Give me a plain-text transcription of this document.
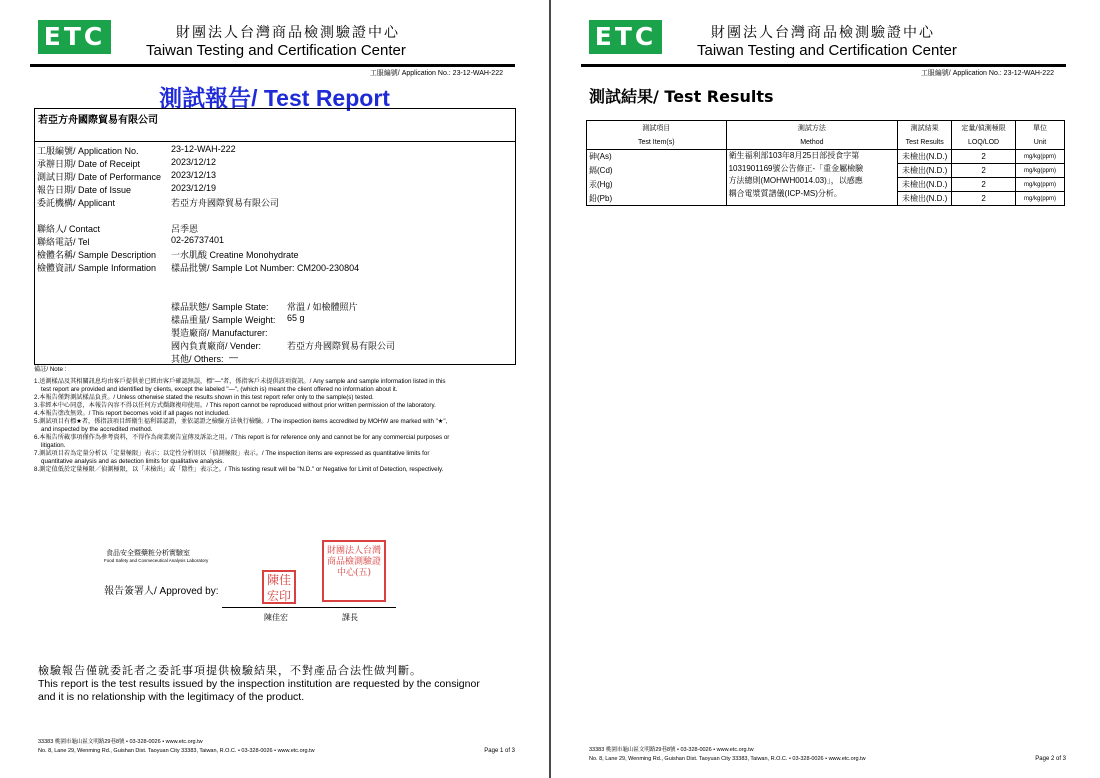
ETC	財團法人台灣商品檢測驗證中心
Taiwan Testing and Certification Center
工服編號/ Application No.: 23-12-WAH-222
測試報告/ Test Report
若亞方舟國際貿易有限公司
工服編號/ Application No.	23-12-WAH-222
承辦日期/ Date of Receipt	2023/12/12
測試日期/ Date of Performance 2023/12/13
報告日期/ Date of Issue	2023/12/19
委託機構/ Applicant	若亞方舟國際貿易有限公司
聯絡人/ Contact	呂季恩
聯絡電話/ Tel	02-26737401
檢體名稱/ Sample Description 一水肌酸 Creatine Monohydrate
檢體資訊/ Sample Information 樣品批號/ Sample Lot Number: CM200-230804
樣品狀態/ Sample State: 常溫 / 如檢體照片
樣品重量/ Sample Weight: 65 g
製造廠商/ Manufacturer:
國內負責廠商/ Vender:	若亞方舟國際貿易有限公司
其他/ Others: —
備註/ Note :
1.送測樣品及其相關訊息均由客戶提供並已經由客戶確認無誤，標"—"者，係指客戶未提供該項資訊。/ Any sample and sample information listed in this
test report are provided and identified by clients, except the labeled "—", (which is) meant the client offered no information about it.
2.本報告僅對測試樣品負責。/ Unless otherwise stated the results shown in this test report refer only to the sample(s) tested.
3.非經本中心同意，本報告內容不得以任何方式擷錄複印使用。/ This report cannot be reproduced without prior written permission of the laboratory.
4.本報告塗改無效。/ This report becomes void if all pages not included.
5.測試項目有標★者，係指該項目經衛生福利部認證，並依認證之檢驗方法執行檢驗。/ The inspection items accredited by MOHW are marked with "★",
and inspected by the accredited method.
6.本報告所載事項僅作為參考資料，不得作為商業廣告宣傳及訴訟之用。/ This report is for reference only and cannot be for any commercial purposes or
litigation.
7.測試項目若為定量分析以「定量極限」表示；以定性分析則以「偵測極限」表示。/ The inspection items are expressed as quantitative limits for
quantitative analysis and as detection limits for qualitative analysis.
8.測定值低於定量極限／偵測極限，以「未檢出」或「陰性」表示之。/ This testing result will be "N.D." or Negative for Limit of Detection, respectively.
食品安全暨藥粧分析實驗室
Food Safety and Cosmeceutical Analysis Laboratory
報告簽署人/ Approved by:
財團法人台灣商品檢測驗證中心(五)
陳佳宏印
陳佳宏	課長
檢驗報告僅就委託者之委託事項提供檢驗結果，不對產品合法性做判斷。
This report is the test results issued by the inspection institution are requested by the consignor
and it is no relationship with the legitimacy of the product.
33383 桃園市龜山區文明路29巷8號 • 03-328-0026 • www.etc.org.tw
No. 8, Lane 29, Wenming Rd., Guishan Dist. Taoyuan City 33383, Taiwan, R.O.C. • 03-328-0026 • www.etc.org.tw	Page 1 of 3
ETC	財團法人台灣商品檢測驗證中心
Taiwan Testing and Certification Center
工服編號/ Application No.: 23-12-WAH-222
測試結果/ Test Results
測試項目	測試方法	測試結果	定量/偵測極限	單位
Test Item(s)	Method	Test Results	LOQ/LOD	Unit
砷(As)	衛生福利部103年8月25日部授食字第
1031901169號公告修正-「重金屬檢驗
方法總則(MOHWH0014.03)」，以感應
耦合電漿質譜儀(ICP-MS)分析。	未檢出(N.D.)	2	mg/kg(ppm)
鎘(Cd)		未檢出(N.D.)	2	mg/kg(ppm)
汞(Hg)		未檢出(N.D.)	2	mg/kg(ppm)
鉛(Pb)		未檢出(N.D.)	2	mg/kg(ppm)
33383 桃園市龜山區文明路29巷8號 • 03-328-0026 • www.etc.org.tw
No. 8, Lane 29, Wenming Rd., Guishan Dist. Taoyuan City 33383, Taiwan, R.O.C. • 03-328-0026 • www.etc.org.tw	Page 2 of 3
